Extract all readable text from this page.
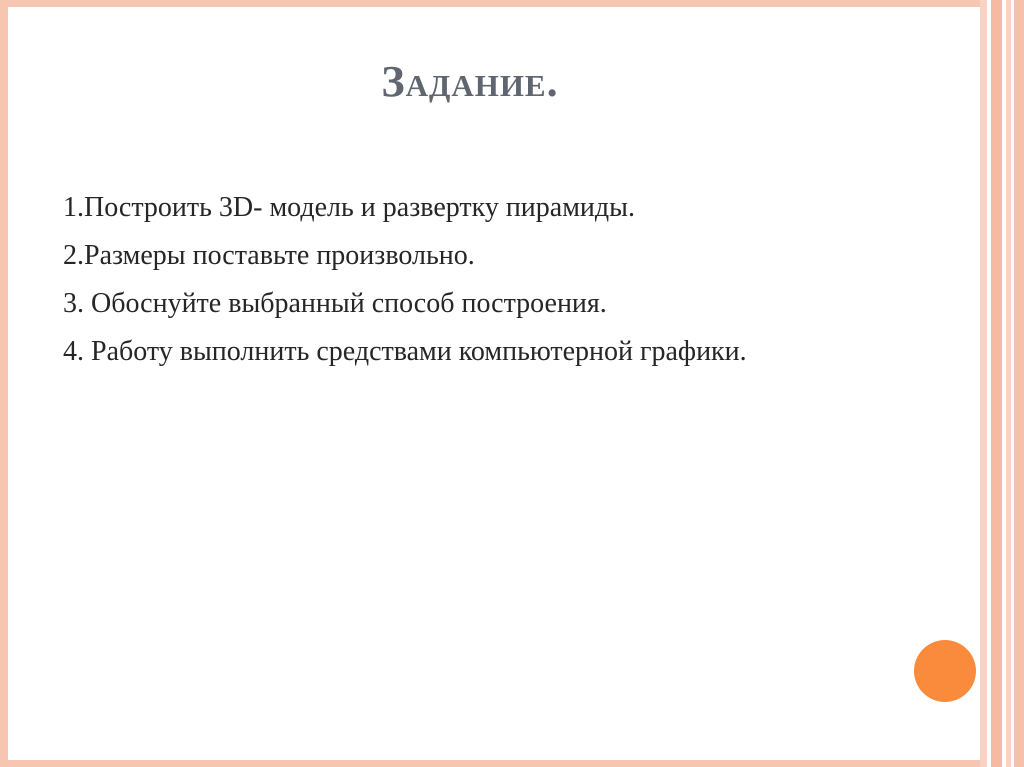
Задание.
1.Построить 3D- модель и развертку пирамиды.
2.Размеры поставьте произвольно.
3. Обоснуйте выбранный способ построения.
4. Работу выполнить средствами компьютерной графики.
